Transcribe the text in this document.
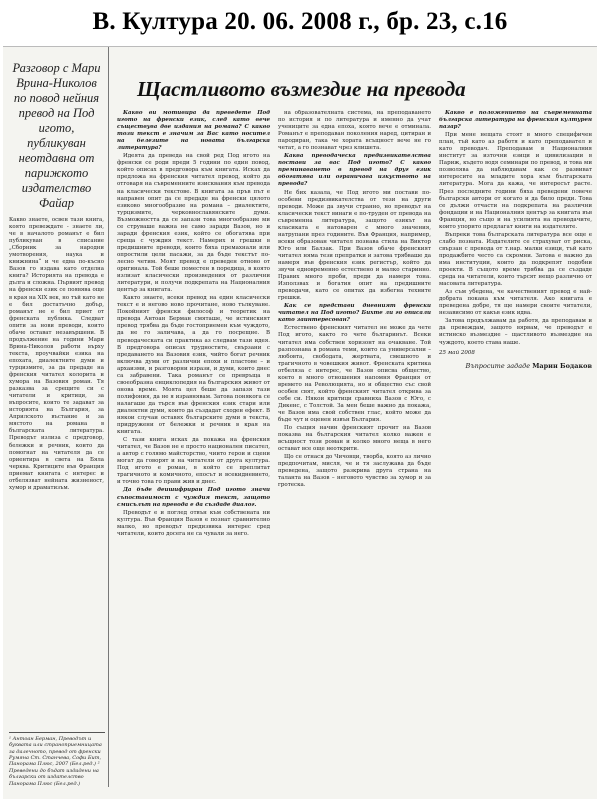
В. Култура 20. 06. 2008 г., бр. 23, с.16
Разговор с Мари Врина-Николов по повод нейния превод на Под игото, публикуван неотдавна от парижкото издателство Файар
Какво знаете, освен тази книга, която превеждате - знаете ли, че в началото романът е бил публикуван в списание „Сборник за народни умотворения, наука и книжнина“ и че едва по-късно Вазов го издава като отделна книга? Историята на превода е дълга и сложна. Първият превод на френски език се появява още в края на XIX век, но тъй като не е бил достатъчно добър, романът не е бил приет от френската публика. Следват опити за нови преводи, които обаче остават незавършени. В продължение на години Мари Врина-Николов работи върху текста, проучвайки езика на епохата, диалектните думи и турцизмите, за да предаде на френския читател колорита и хумора на Вазовия роман. Тя разказва за срещите си с читатели и критици, за въпросите, които те задават за историята на България, за Априлското въстание и за мястото на романа в българската литература. Преводът излиза с предговор, бележки и речник, които да помогнат на читателя да се ориентира в света на Бяла черква. Критиците във Франция приемат книгата с интерес и отбелязват нейната жизненост, хумор и драматизъм.
¹ Антоан Берман, Преводът и буквата или страноприемницата за далечното, превод от френски Румяна Ст. Станчева, Софи Бит, Панорама Плюс, 2007 (Бел.ред.) ² Преведени до бъдат издадени на български от издателство Панорама Плюс (Бел.ред.)
Щастливото възмездие на превода

Какво ви мотивира да преведете Под игото на френски език, след като вече съществува две издания на романа? С какво този текст е значим за Вас като носител на белезите на новата българска литература?

Идеята да преведа на свой ред Под игото на френски се роди преди 5 години по един повод, който описах в предговора към книгата. Исках да предложа на френския читател превод, който да отговаря на съвременните изисквания към превода на класически текстове. В книгата за пръв път е направен опит да се предаде на френски цялото езиково многообразие на романа – диалектите, турцизмите, черковнославянските думи. Възможността да се запази това многообразие ми се струваше важна не само заради Вазов, но и заради френския език, който се обогатява при среща с чуждия текст. Намерих и грешки в предишните преводи, които бяха премахнали или опростили цели пасажи, за да бъде текстът по-лесно четим. Моят превод е преведен отново от оригинала. Той беше поместен в поредица, в която излизат класически произведения от различни литератури, и получи подкрепата на Националния център за книгата.

Както знаете, всеки превод на един класически текст е и негово ново прочитане, ново тълкуване. Покойният френски философ и теоретик на превода Антоан Берман смяташе, че истинският превод трябва да бъде гостоприемен към чуждото, да не го заличава, а да го посрещне. В преводаческата си практика аз следвам тази идея. В предговора описах трудностите, свързани с предаването на Вазовия език, чийто богат речник включва думи от различни епохи и пластове – и архаизми, и разговорни изрази, и думи, които днес са забравени. Така романът се превръща в своеобразна енциклопедия на българския живот от онова време. Моята цел беше да запазя тази полифония, да не я изравнявам. Затова понякога се налагаше да търся във френския език стари или диалектни думи, които да създадат сходен ефект. В някои случаи оставях българските думи в текста, придружени от бележки и речник в края на книгата.

С тази книга исках да покажа на френския читател, че Вазов не е просто национален писател, а автор с голямо майсторство, чиито герои и сцени могат да говорят и на читатели от друга култура. Под игото е роман, в който се преплитат трагичното и комичното, епосът и всекидневието, и точно това го прави жив и днес.

Да бъде деишифриран Под игото значи съпоставимост с чуждия текст, защото смисълът на превода е да създаде диалог.

Преводът е и поглед отвън към собствената ни култура. Във Франция Вазов е познат сравнително малко, но преводът предизвика интерес сред читатели, които досега не са чували за него.

на образователната система, на преподаването по история и по литература и именно да учат учениците за една епоха, която вече е отминала. Романът е преподаван поколения наред, цитиран и пародиран, така че хората всъщност вече не го четат, а го познават чрез клишета.

Каква преводаческа предизвикателства постави за вас Под игото? С какво преминаването в превод на друг език обогатява или ограничава изкуството на превода?

Не бих казала, че Под игото ми постави по-особени предизвикателства от тези на други преводи. Може да звучи странно, но преводът на класически текст винаги е по-труден от превода на съвременна литература, защото езикът на класиката е натоварен с много значения, натрупани през годините. Във Франция, например, всеки образован читател познава стила на Виктор Юго или Балзак. При Вазов обаче френският читател няма тези препратки и затова трябваше да намеря във френския език регистър, който да звучи едновременно естествено и малко старинно. Правих много проби, преди да намеря тона. Използвах и богатия опит на предишните преводачи, като се опитах да избегна техните грешки.

Как се представи дневният френски читател на Под игото? Бихте ли го описали като заинтересован?

Естествено френският читател не може да чете Под игото, както го чете българинът. Всеки читател има собствен хоризонт на очакване. Той разпознава в романа теми, които са универсални – любовта, свободата, жертвата, смешното и трагичното в човешкия живот. Френската критика отбеляза с интерес, че Вазов описва общество, което в много отношения напомня Франция от времето на Революцията, но и общество със свой особен свят, който френският читател открива за себе си. Някои критици сравниха Вазов с Юго, с Дикенс, с Толстой. За мен беше важно да покажа, че Вазов има свой собствен глас, който може да бъде чут и оценен извън България.

По същия начин френският прочит на Вазов показва на българския читател колко важен е всъщност този роман и колко много неща в него остават все още неоткрити.

Що се отнася до Чичовци, творба, която аз лично предпочитам, мисля, че и тя заслужава да бъде преведена, защото разкрива друга страна на таланта на Вазов – неговото чувство за хумор и за гротеска.

Какво е положението на съвременната българска литература на френския културен пазар?

При мене нещата стоят в много специфичен план, тъй като аз работя и като преподавател и като преводач. Преподавам в Националния институт за източни езици и цивилизации в Париж, където водя семинари по превод, и това ми позволява да наблюдавам как се развиват интересите на младите хора към българската литература. Мога да кажа, че интересът расте. През последните години бяха преведени повече български автори от когато и да било преди. Това се дължи отчасти на подкрепата на различни фондации и на Националния център за книгата във Франция, но също и на усилията на преводачите, които упорито предлагат книги на издателите.

Въпреки това българската литература все още е слабо позната. Издателите се страхуват от риска, свързан с превода от т.нар. малки езици, тъй като продажбите често са скромни. Затова е важно да има институции, които да подкрепят подобни проекти. В същото време трябва да се създаде среда на читатели, които търсят нещо различно от масовата литература.

Аз съм убедена, че качественият превод е най-добрата покана към читателя. Ако книгата е преведена добре, тя ще намери своите читатели, независимо от какъв език идва.

Затова продължавам да работя, да преподавам и да превеждам, защото вярвам, че преводът е истинско възмездие – щастливото възмездие на чуждото, което става наше.

25 май 2008
Въпросите зададе Марин Бодаков
